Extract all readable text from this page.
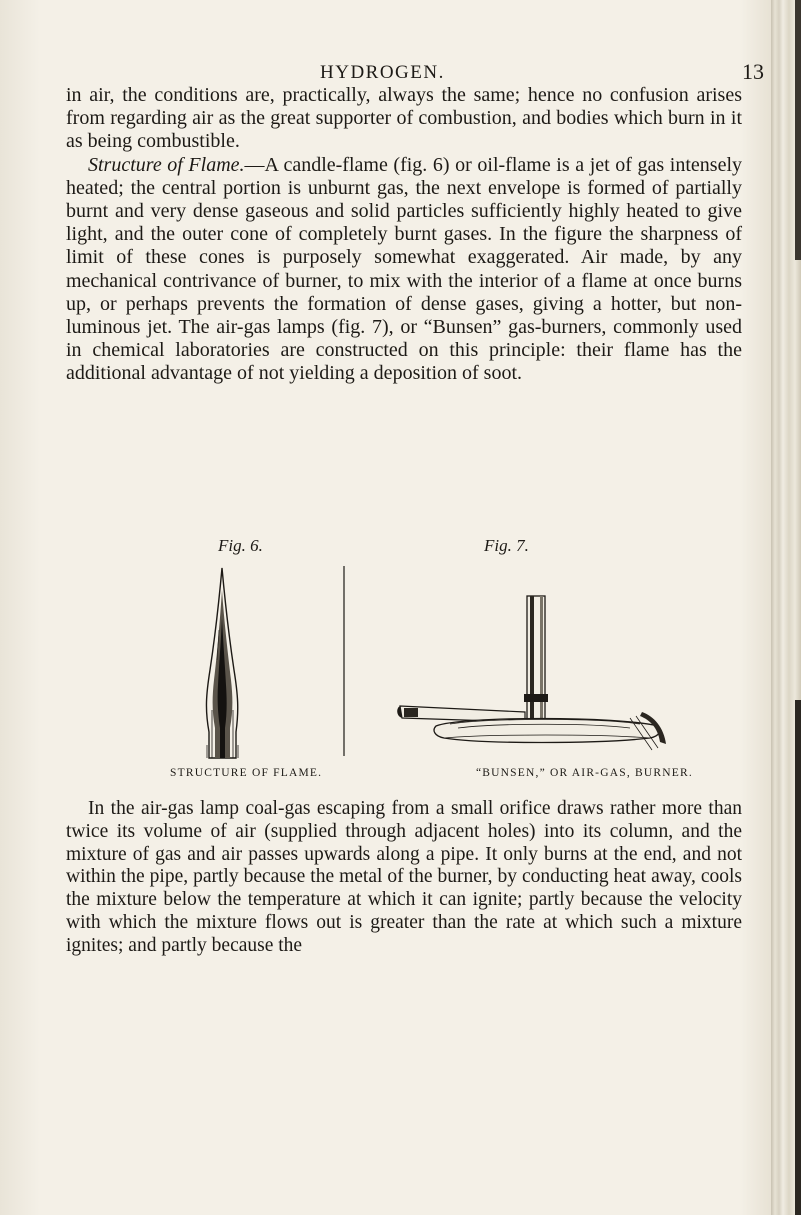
HYDROGEN.	13

in air, the conditions are, practically, always the same; hence no confusion arises from regarding air as the great supporter of combustion, and bodies which burn in it as being combustible.

Structure of Flame.—A candle-flame (fig. 6) or oil-flame is a jet of gas intensely heated; the central portion is unburnt gas, the next envelope is formed of partially burnt and very dense gaseous and solid particles sufficiently highly heated to give light, and the outer cone of completely burnt gases. In the figure the sharpness of limit of these cones is purposely somewhat exaggerated. Air made, by any mechanical contrivance of burner, to mix with the interior of a flame at once burns up, or perhaps prevents the formation of dense gases, giving a hotter, but non-luminous jet. The air-gas lamps (fig. 7), or “Bunsen” gas-burners, commonly used in chemical laboratories are constructed on this principle: their flame has the additional advantage of not yielding a deposition of soot.

Fig. 6.	Fig. 7.
STRUCTURE OF FLAME.	“BUNSEN,” OR AIR-GAS, BURNER.

In the air-gas lamp coal-gas escaping from a small orifice draws rather more than twice its volume of air (supplied through adjacent holes) into its column, and the mixture of gas and air passes upwards along a pipe. It only burns at the end, and not within the pipe, partly because the metal of the burner, by conducting heat away, cools the mixture below the temperature at which it can ignite; partly because the velocity with which the mixture flows out is greater than the rate at which such a mixture ignites; and partly because the
